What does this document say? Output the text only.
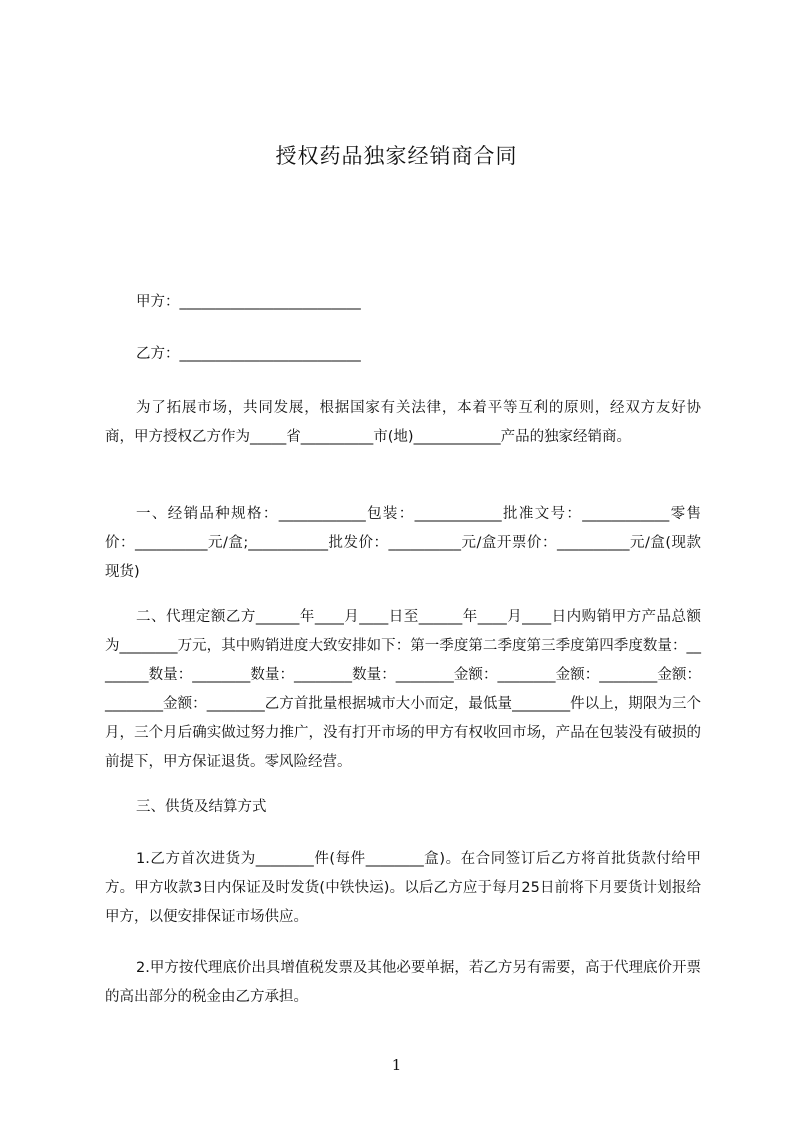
授权药品独家经销商合同

甲方：_________________________

乙方：_________________________

为了拓展市场，共同发展，根据国家有关法律，本着平等互利的原则，经双方友好协商，甲方授权乙方作为_____省__________市(地)____________产品的独家经销商。

一、经销品种规格：____________包装：____________批准文号：____________零售价：__________元/盒;___________批发价：__________元/盒开票价：__________元/盒(现款现货)

二、代理定额乙方______年____月____日至______年____月____日内购销甲方产品总额为________万元，其中购销进度大致安排如下：第一季度第二季度第三季度第四季度数量：________数量：________数量：________数量：________金额：________金额：________金额：________金额：________乙方首批量根据城市大小而定，最低量________件以上，期限为三个月，三个月后确实做过努力推广，没有打开市场的甲方有权收回市场，产品在包装没有破损的前提下，甲方保证退货。零风险经营。

三、供货及结算方式

1.乙方首次进货为________件(每件________盒)。在合同签订后乙方将首批货款付给甲方。甲方收款3日内保证及时发货(中铁快运)。以后乙方应于每月25日前将下月要货计划报给甲方，以便安排保证市场供应。

2.甲方按代理底价出具增值税发票及其他必要单据，若乙方另有需要，高于代理底价开票的高出部分的税金由乙方承担。

1
